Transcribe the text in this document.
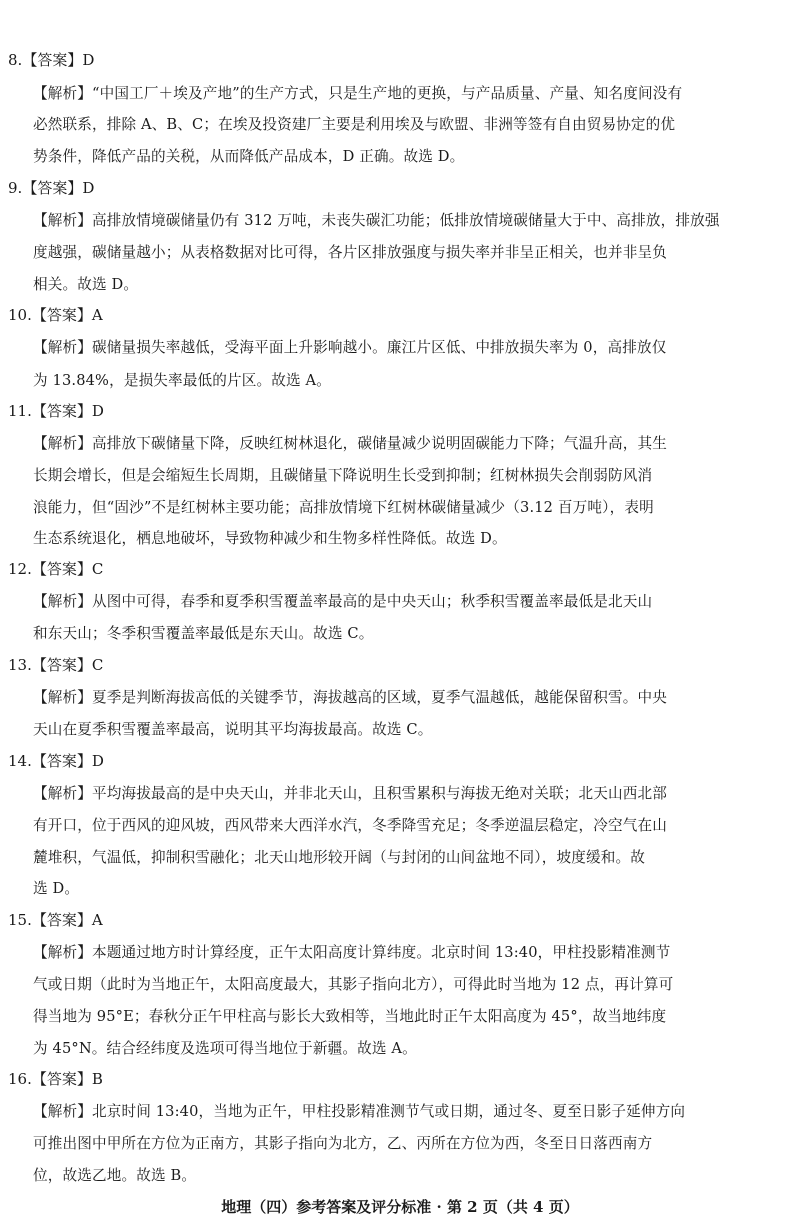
8.【答案】D
【解析】“中国工厂＋埃及产地”的生产方式，只是生产地的更换，与产品质量、产量、知名度间没有
必然联系，排除 A、B、C；在埃及投资建厂主要是利用埃及与欧盟、非洲等签有自由贸易协定的优
势条件，降低产品的关税，从而降低产品成本，D 正确。故选 D。
9.【答案】D
【解析】高排放情境碳储量仍有 312 万吨，未丧失碳汇功能；低排放情境碳储量大于中、高排放，排放强
度越强，碳储量越小；从表格数据对比可得，各片区排放强度与损失率并非呈正相关，也并非呈负
相关。故选 D。
10.【答案】A
【解析】碳储量损失率越低，受海平面上升影响越小。廉江片区低、中排放损失率为 0，高排放仅
为 13.84%，是损失率最低的片区。故选 A。
11.【答案】D
【解析】高排放下碳储量下降，反映红树林退化，碳储量减少说明固碳能力下降；气温升高，其生
长期会增长，但是会缩短生长周期，且碳储量下降说明生长受到抑制；红树林损失会削弱防风消
浪能力，但“固沙”不是红树林主要功能；高排放情境下红树林碳储量减少（3.12 百万吨），表明
生态系统退化，栖息地破坏，导致物种减少和生物多样性降低。故选 D。
12.【答案】C
【解析】从图中可得，春季和夏季积雪覆盖率最高的是中央天山；秋季积雪覆盖率最低是北天山
和东天山；冬季积雪覆盖率最低是东天山。故选 C。
13.【答案】C
【解析】夏季是判断海拔高低的关键季节，海拔越高的区域，夏季气温越低，越能保留积雪。中央
天山在夏季积雪覆盖率最高，说明其平均海拔最高。故选 C。
14.【答案】D
【解析】平均海拔最高的是中央天山，并非北天山，且积雪累积与海拔无绝对关联；北天山西北部
有开口，位于西风的迎风坡，西风带来大西洋水汽，冬季降雪充足；冬季逆温层稳定，冷空气在山
麓堆积，气温低，抑制积雪融化；北天山地形较开阔（与封闭的山间盆地不同），坡度缓和。故
选 D。
15.【答案】A
【解析】本题通过地方时计算经度，正午太阳高度计算纬度。北京时间 13:40，甲柱投影精准测节
气或日期（此时为当地正午，太阳高度最大，其影子指向北方），可得此时当地为 12 点，再计算可
得当地为 95°E；春秋分正午甲柱高与影长大致相等，当地此时正午太阳高度为 45°，故当地纬度
为 45°N。结合经纬度及选项可得当地位于新疆。故选 A。
16.【答案】B
【解析】北京时间 13:40，当地为正午，甲柱投影精准测节气或日期，通过冬、夏至日影子延伸方向
可推出图中甲所在方位为正南方，其影子指向为北方，乙、丙所在方位为西，冬至日日落西南方
位，故选乙地。故选 B。
地理（四）参考答案及评分标准 · 第 2 页（共 4 页）
